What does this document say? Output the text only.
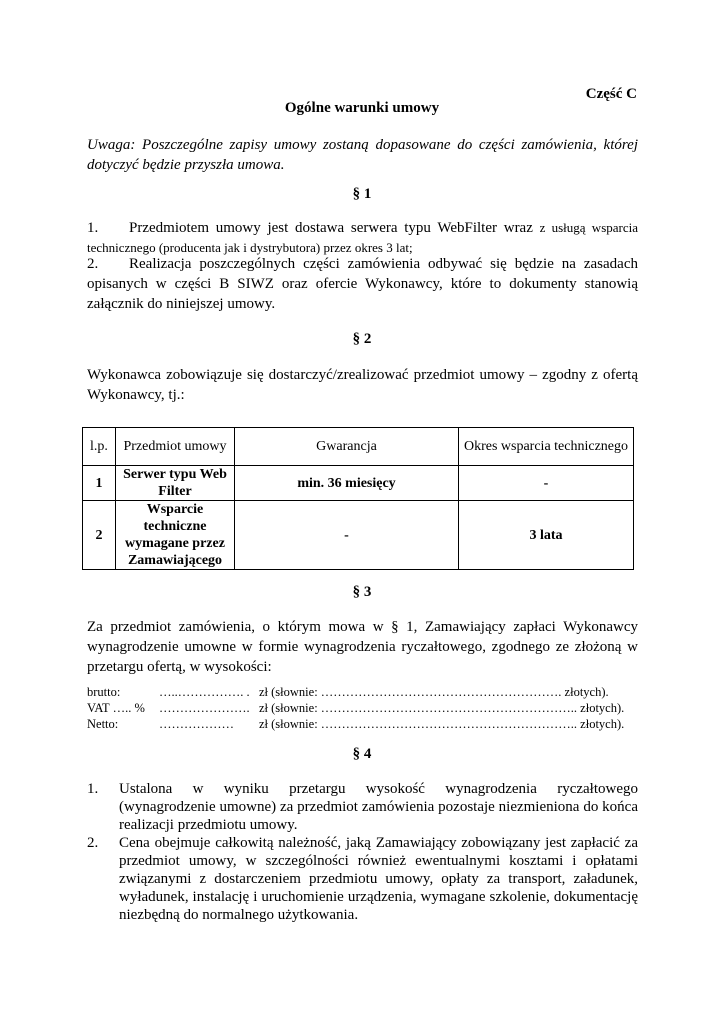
Część C

Ogólne warunki umowy

Uwaga: Poszczególne zapisy umowy zostaną dopasowane do części zamówienia, której dotyczyć będzie przyszła umowa.

§ 1

1. Przedmiotem umowy jest dostawa serwera typu WebFilter wraz z usługą wsparcia technicznego (producenta jak i dystrybutora) przez okres 3 lat;
2. Realizacja poszczególnych części zamówienia odbywać się będzie na zasadach opisanych w części B SIWZ oraz ofercie Wykonawcy, które to dokumenty stanowią załącznik do niniejszej umowy.

§ 2

Wykonawca zobowiązuje się dostarczyć/zrealizować przedmiot umowy – zgodny z ofertą Wykonawcy, tj.:

l.p.	Przedmiot umowy	Gwarancja	Okres wsparcia technicznego
1	Serwer typu Web Filter	min. 36 miesięcy	-
2	Wsparcie techniczne wymagane przez Zamawiającego	-	3 lata

§ 3

Za przedmiot zamówienia, o którym mowa w § 1, Zamawiający zapłaci Wykonawcy wynagrodzenie umowne w formie wynagrodzenia ryczałtowego, zgodnego ze złożoną w przetargu ofertą, w wysokości:

brutto:	…..……………. . zł (słownie: …………………………………………………. złotych).
VAT ….. %	…………………. zł (słownie: …………………………………………………….. złotych).
Netto:	………………	zł (słownie: …………………………………………………….. złotych).

§ 4

1.	Ustalona w wyniku przetargu wysokość wynagrodzenia ryczałtowego (wynagrodzenie umowne) za przedmiot zamówienia pozostaje niezmieniona do końca realizacji przedmiotu umowy.
2.	Cena obejmuje całkowitą należność, jaką Zamawiający zobowiązany jest zapłacić za przedmiot umowy, w szczególności również ewentualnymi kosztami i opłatami związanymi z dostarczeniem przedmiotu umowy, opłaty za transport, załadunek, wyładunek, instalację i uruchomienie urządzenia, wymagane szkolenie, dokumentację niezbędną do normalnego użytkowania.
